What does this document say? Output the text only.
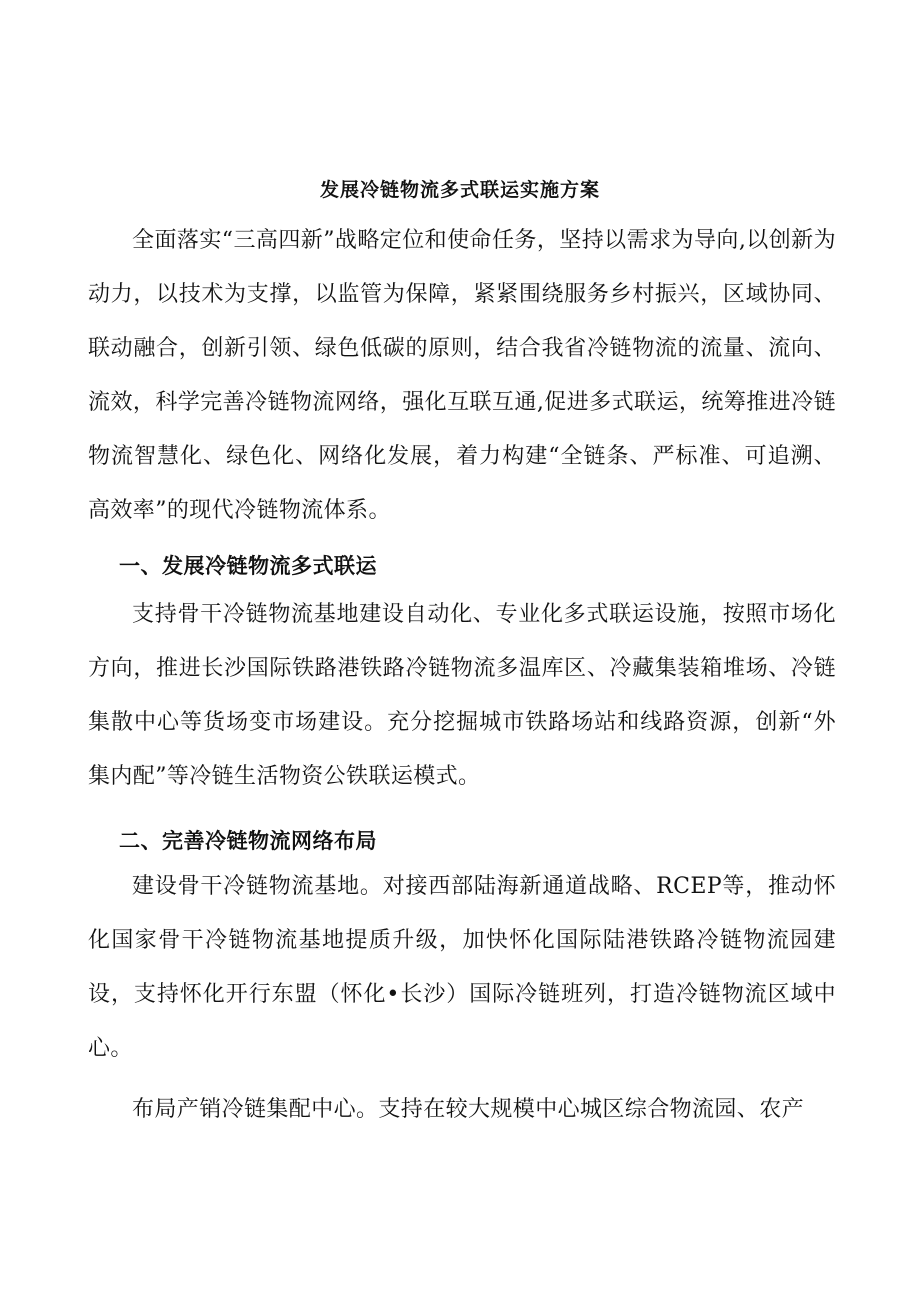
发展冷链物流多式联运实施方案

全面落实“三高四新”战略定位和使命任务，坚持以需求为导向,以创新为动力，以技术为支撑，以监管为保障，紧紧围绕服务乡村振兴，区域协同、联动融合，创新引领、绿色低碳的原则，结合我省冷链物流的流量、流向、流效，科学完善冷链物流网络，强化互联互通,促进多式联运，统筹推进冷链物流智慧化、绿色化、网络化发展，着力构建“全链条、严标准、可追溯、高效率”的现代冷链物流体系。

一、发展冷链物流多式联运

支持骨干冷链物流基地建设自动化、专业化多式联运设施，按照市场化方向，推进长沙国际铁路港铁路冷链物流多温库区、冷藏集装箱堆场、冷链集散中心等货场变市场建设。充分挖掘城市铁路场站和线路资源，创新“外集内配”等冷链生活物资公铁联运模式。

二、完善冷链物流网络布局

建设骨干冷链物流基地。对接西部陆海新通道战略、RCEP等，推动怀化国家骨干冷链物流基地提质升级，加快怀化国际陆港铁路冷链物流园建设，支持怀化开行东盟（怀化•长沙）国际冷链班列，打造冷链物流区域中心。

布局产销冷链集配中心。支持在较大规模中心城区综合物流园、农产
